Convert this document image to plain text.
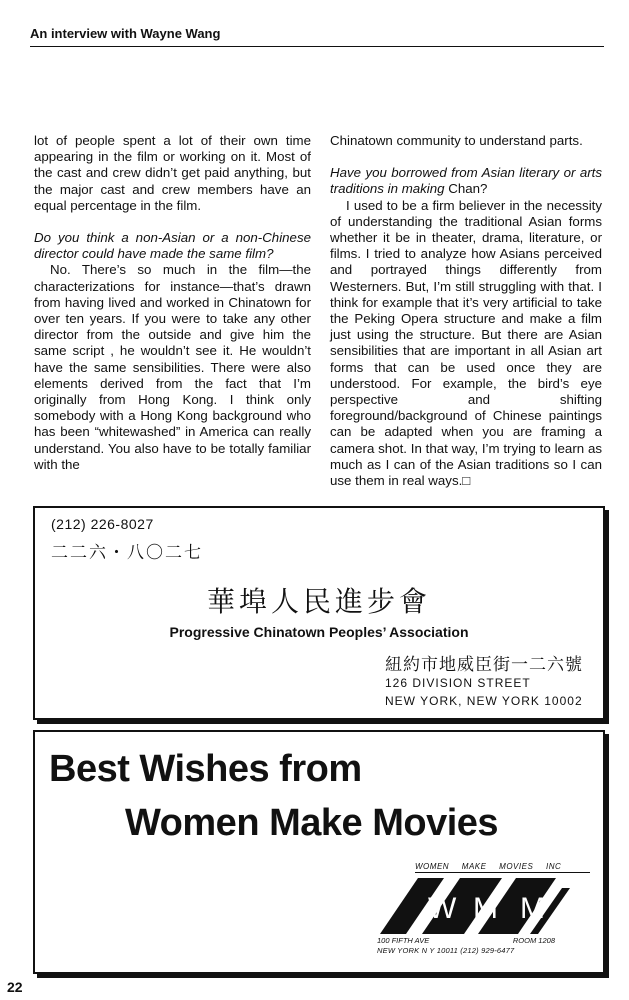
An interview with Wayne Wang

lot of people spent a lot of their own time appearing in the film or working on it. Most of the cast and crew didn’t get paid anything, but the major cast and crew members have an equal percentage in the film.

Do you think a non-Asian or a non-Chinese director could have made the same film?

No. There’s so much in the film—the characterizations for instance—that’s drawn from having lived and worked in Chinatown for over ten years. If you were to take any other director from the outside and give him the same script , he wouldn’t see it. He wouldn’t have the same sensibilities. There were also elements derived from the fact that I’m originally from Hong Kong. I think only somebody with a Hong Kong background who has been “whitewashed” in America can really understand. You also have to be totally familiar with the

Chinatown community to understand parts.

Have you borrowed from Asian literary or arts traditions in making Chan?

I used to be a firm believer in the necessity of understanding the traditional Asian forms whether it be in theater, drama, literature, or films. I tried to analyze how Asians perceived and portrayed things differently from Westerners. But, I’m still struggling with that. I think for example that it’s very artificial to take the Peking Opera structure and make a film just using the structure. But there are Asian sensibilities that are important in all Asian art forms that can be used once they are understood. For example, the bird’s eye perspective and shifting foreground/background of Chinese paintings can be adapted when you are framing a camera shot. In that way, I’m trying to learn as much as I can of the Asian traditions so I can use them in real ways.□

(212) 226-8027
二二六・八〇二七
華埠人民進步會
Progressive Chinatown Peoples’ Association
紐約市地威臣街一二六號
126 DIVISION STREET
NEW YORK, NEW YORK 10002
Best Wishes from
Women Make Movies
WOMEN MAKE MOVIES INC
W M M
100 FIFTH AVE	ROOM 1208
NEW YORK N Y 10011 (212) 929-6477
22
